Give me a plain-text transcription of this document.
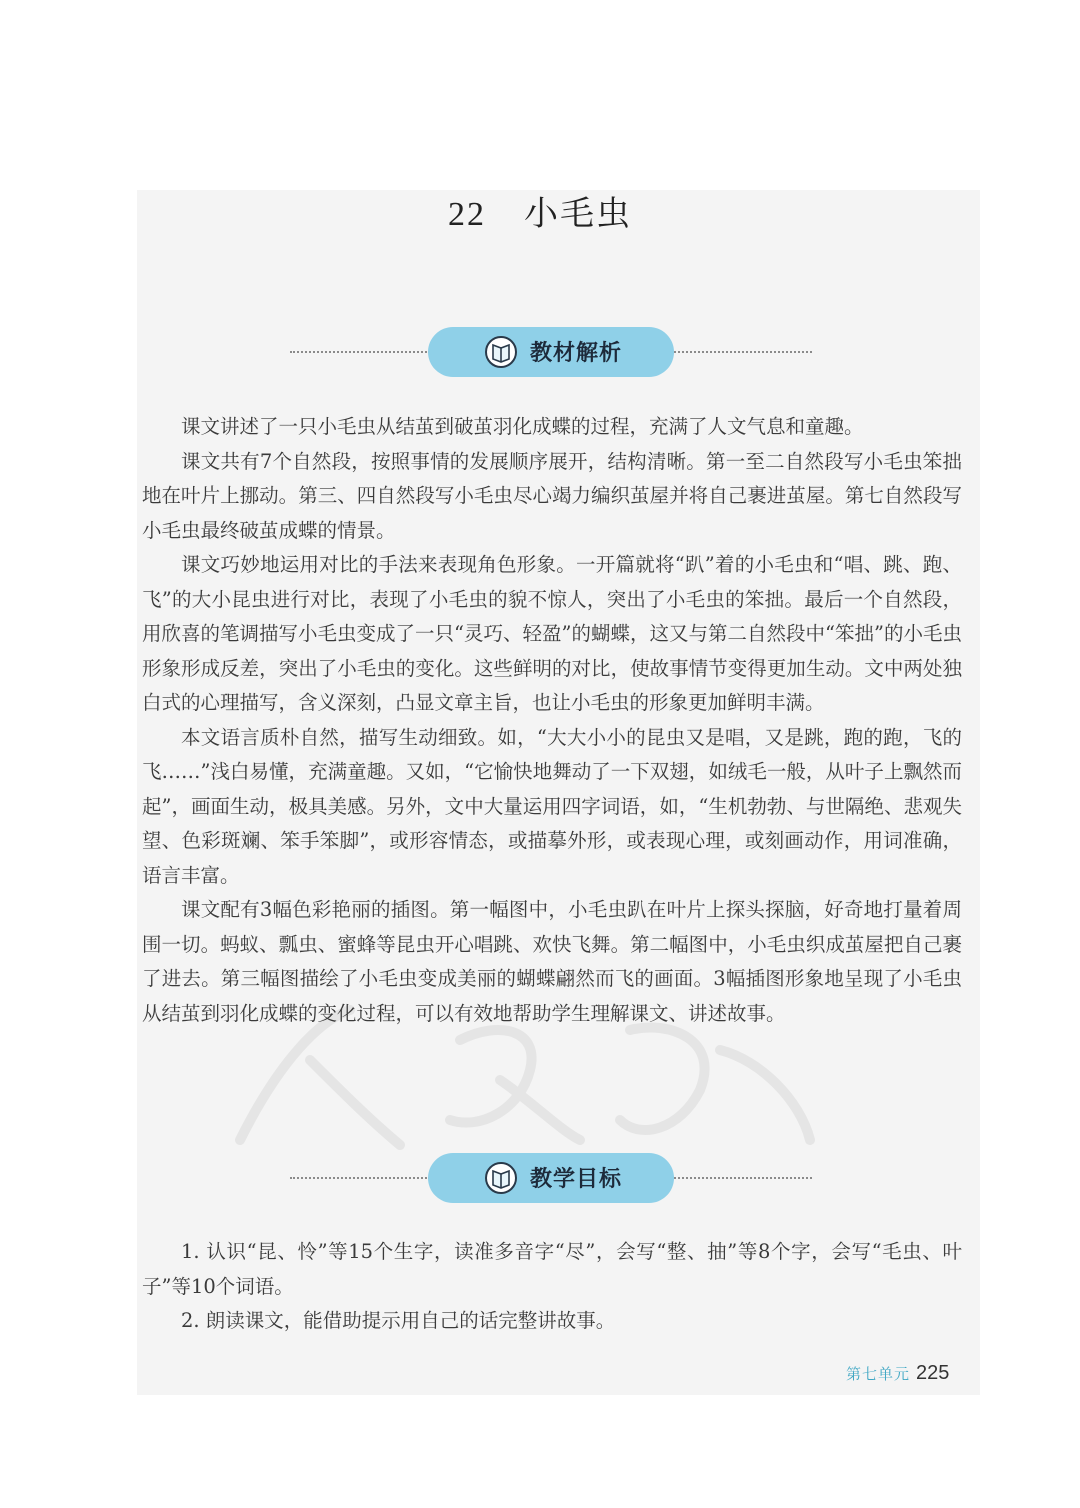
22 小毛虫
教材解析

课文讲述了一只小毛虫从结茧到破茧羽化成蝶的过程，充满了人文气息和童趣。

课文共有7个自然段，按照事情的发展顺序展开，结构清晰。第一至二自然段写小毛虫笨拙地在叶片上挪动。第三、四自然段写小毛虫尽心竭力编织茧屋并将自己裹进茧屋。第七自然段写小毛虫最终破茧成蝶的情景。

课文巧妙地运用对比的手法来表现角色形象。一开篇就将“趴”着的小毛虫和“唱、跳、跑、飞”的大小昆虫进行对比，表现了小毛虫的貌不惊人，突出了小毛虫的笨拙。最后一个自然段，用欣喜的笔调描写小毛虫变成了一只“灵巧、轻盈”的蝴蝶，这又与第二自然段中“笨拙”的小毛虫形象形成反差，突出了小毛虫的变化。这些鲜明的对比，使故事情节变得更加生动。文中两处独白式的心理描写，含义深刻，凸显文章主旨，也让小毛虫的形象更加鲜明丰满。

本文语言质朴自然，描写生动细致。如，“大大小小的昆虫又是唱，又是跳，跑的跑，飞的飞……”浅白易懂，充满童趣。又如，“它愉快地舞动了一下双翅，如绒毛一般，从叶子上飘然而起”，画面生动，极具美感。另外，文中大量运用四字词语，如，“生机勃勃、与世隔绝、悲观失望、色彩斑斓、笨手笨脚”，或形容情态，或描摹外形，或表现心理，或刻画动作，用词准确，语言丰富。

课文配有3幅色彩艳丽的插图。第一幅图中，小毛虫趴在叶片上探头探脑，好奇地打量着周围一切。蚂蚁、瓢虫、蜜蜂等昆虫开心唱跳、欢快飞舞。第二幅图中，小毛虫织成茧屋把自己裹了进去。第三幅图描绘了小毛虫变成美丽的蝴蝶翩然而飞的画面。3幅插图形象地呈现了小毛虫从结茧到羽化成蝶的变化过程，可以有效地帮助学生理解课文、讲述故事。

教学目标

1. 认识“昆、怜”等15个生字，读准多音字“尽”，会写“整、抽”等8个字，会写“毛虫、叶子”等10个词语。

2. 朗读课文，能借助提示用自己的话完整讲故事。

第七单元 225
